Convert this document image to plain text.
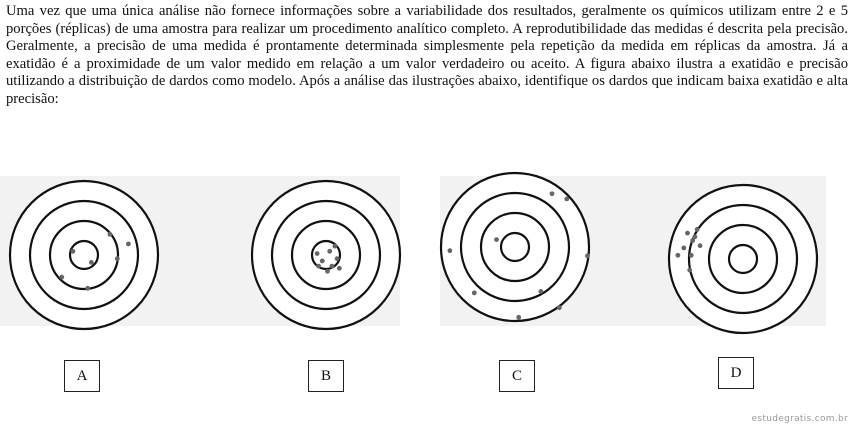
Uma vez que uma única análise não fornece informações sobre a variabilidade dos resultados, geralmente os químicos utilizam entre 2 e 5 porções (réplicas) de uma amostra para realizar um procedimento analítico completo. A reprodutibilidade das medidas é descrita pela precisão. Geralmente, a precisão de uma medida é prontamente determinada simplesmente pela repetição da medida em réplicas da amostra. Já a exatidão é a proximidade de um valor medido em relação a um valor verdadeiro ou aceito. A figura abaixo ilustra a exatidão e precisão utilizando a distribuição de dardos como modelo. Após a análise das ilustrações abaixo, identifique os dardos que indicam baixa exatidão e alta precisão:

A	B	C	D
estudegratis.com.br
